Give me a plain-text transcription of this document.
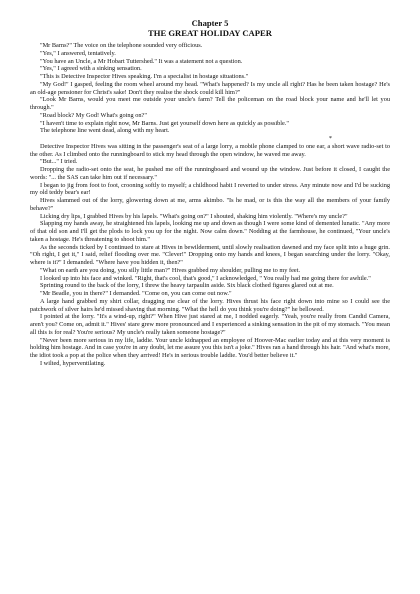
Chapter 5

THE GREAT HOLIDAY CAPER

"Mr Barns?" The voice on the telephone sounded very officious.

"Yes," I answered, tentatively.

"You have an Uncle, a Mr Hobart Tuttershed." It was a statement not a question.

"Yes," I agreed with a sinking sensation.

"This is Detective Inspector Hives speaking. I'm a specialist in hostage situations."

"My God!" I gasped, feeling the room wheel around my head. "What's happened? Is my uncle all right? Has he been taken hostage? He's an old-age pensioner for Christ's sake! Don't they realise the shock could kill him?"

"Look Mr Barns, would you meet me outside your uncle's farm? Tell the policeman on the road block your name and he'll let you through."

"Road block? My God! What's going on?"

"I haven't time to explain right now, Mr Barns. Just get yourself down here as quickly as possible."

The telephone line went dead, along with my heart.

*

Detective Inspector Hives was sitting in the passenger's seat of a large lorry, a mobile phone clamped to one ear, a short wave radio-set to the other. As I climbed onto the runningboard to stick my head through the open window, he waved me away.

"But..." I tried.

Dropping the radio-set onto the seat, he pushed me off the runningboard and wound up the window. Just before it closed, I caught the words: "... the SAS can take him out if necessary."

I began to jig from foot to foot, crooning softly to myself; a childhood habit I reverted to under stress. Any minute now and I'd be sucking my old teddy bear's ear!

Hives slammed out of the lorry, glowering down at me, arms akimbo. "Is he mad, or is this the way all the members of your family behave?"

Licking dry lips, I grabbed Hives by his lapels. "What's going on?" I shouted, shaking him violently. "Where's my uncle?"

Slapping my hands away, he straightened his lapels, looking me up and down as though I were some kind of demented lunatic. "Any more of that old son and I'll get the plods to lock you up for the night. Now calm down." Nodding at the farmhouse, he continued, "Your uncle's taken a hostage. He's threatening to shoot him."

As the seconds ticked by I continued to stare at Hives in bewilderment, until slowly realisation dawned and my face split into a huge grin. "Oh right, I get it," I said, relief flooding over me. "Clever!" Dropping onto my hands and knees, I began searching under the lorry. "Okay, where is it?" I demanded. "Where have you hidden it, then?"

"What on earth are you doing, you silly little man?" Hives grabbed my shoulder, pulling me to my feet.

I looked up into his face and winked. "Right, that's cool, that's good," I acknowledged, " You really had me going there for awhile."

Sprinting round to the back of the lorry, I threw the heavy tarpaulin aside. Six black clothed figures glared out at me.

"Mr Beadle, you in there?" I demanded. "Come on, you can come out now."

A large hand grabbed my shirt collar, dragging me clear of the lorry. Hives thrust his face right down into mine so I could see the patchwork of silver hairs he'd missed shaving that morning. "What the hell do you think you're doing?" he bellowed.

I pointed at the lorry. "It's a wind-up, right?" When Hive just stared at me, I nodded eagerly. "Yeah, you're really from Candid Camera, aren't you? Come on, admit it." Hives' stare grew more pronounced and I experienced a sinking sensation in the pit of my stomach. "You mean all this is for real? You're serious? My uncle's really taken someone hostage?"

"Never been more serious in my life, laddie. Your uncle kidnapped an employee of Hoover-Mac earlier today and at this very moment is holding him hostage. And in case you're in any doubt, let me assure you this isn't a joke." Hives ran a hand through his hair. "And what's more, the idiot took a pop at the police when they arrived! He's in serious trouble laddie. You'd better believe it."

I wilted, hyperventilating.
